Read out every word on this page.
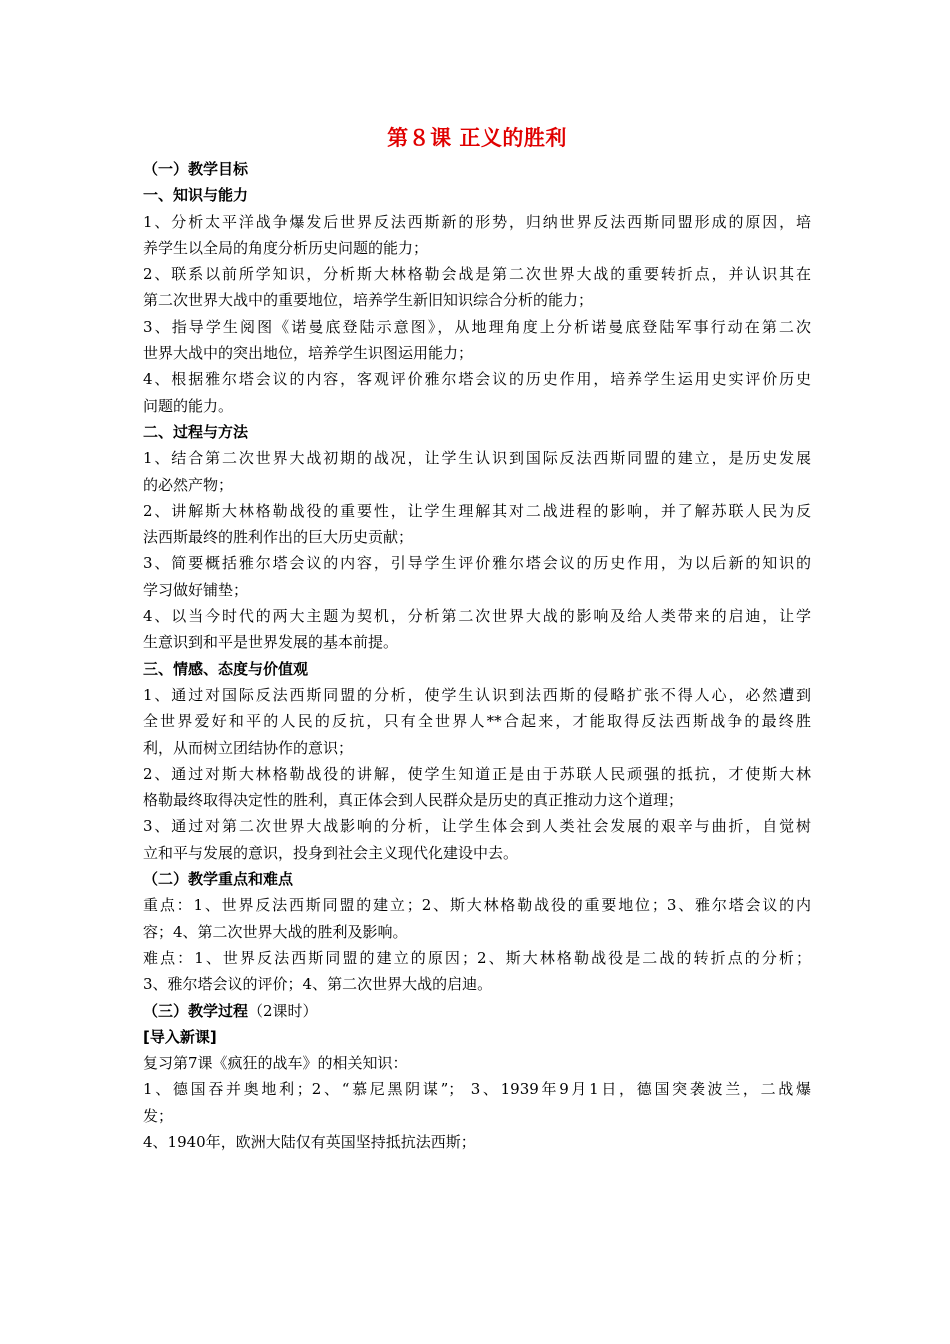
第８课 正义的胜利
（一）教学目标
一、知识与能力
1、分析太平洋战争爆发后世界反法西斯新的形势，归纳世界反法西斯同盟形成的原因，培
养学生以全局的角度分析历史问题的能力；
2、联系以前所学知识，分析斯大林格勒会战是第二次世界大战的重要转折点，并认识其在
第二次世界大战中的重要地位，培养学生新旧知识综合分析的能力；
3、指导学生阅图《诺曼底登陆示意图》，从地理角度上分析诺曼底登陆军事行动在第二次
世界大战中的突出地位，培养学生识图运用能力；
4、根据雅尔塔会议的内容，客观评价雅尔塔会议的历史作用，培养学生运用史实评价历史
问题的能力。
二、过程与方法
1、结合第二次世界大战初期的战况，让学生认识到国际反法西斯同盟的建立，是历史发展
的必然产物；
2、讲解斯大林格勒战役的重要性，让学生理解其对二战进程的影响，并了解苏联人民为反
法西斯最终的胜利作出的巨大历史贡献；
3、简要概括雅尔塔会议的内容，引导学生评价雅尔塔会议的历史作用，为以后新的知识的
学习做好铺垫；
4、以当今时代的两大主题为契机，分析第二次世界大战的影响及给人类带来的启迪，让学
生意识到和平是世界发展的基本前提。
三、情感、态度与价值观
1、通过对国际反法西斯同盟的分析，使学生认识到法西斯的侵略扩张不得人心，必然遭到
全世界爱好和平的人民的反抗，只有全世界人**合起来，才能取得反法西斯战争的最终胜
利，从而树立团结协作的意识；
2、通过对斯大林格勒战役的讲解，使学生知道正是由于苏联人民顽强的抵抗，才使斯大林
格勒最终取得决定性的胜利，真正体会到人民群众是历史的真正推动力这个道理；
3、通过对第二次世界大战影响的分析，让学生体会到人类社会发展的艰辛与曲折，自觉树
立和平与发展的意识，投身到社会主义现代化建设中去。
（二）教学重点和难点
重点：1、世界反法西斯同盟的建立；2、斯大林格勒战役的重要地位；3、雅尔塔会议的内
容；4、第二次世界大战的胜利及影响。
难点：1、世界反法西斯同盟的建立的原因；2、斯大林格勒战役是二战的转折点的分析；
3、雅尔塔会议的评价；4、第二次世界大战的启迪。
（三）教学过程（2课时）
[导入新课]
复习第7课《疯狂的战车》的相关知识：
1、德国吞并奥地利；2、“慕尼黑阴谋”； 3、1939年9月1日，德国突袭波兰，二战爆
发；
4、1940年，欧洲大陆仅有英国坚持抵抗法西斯；
